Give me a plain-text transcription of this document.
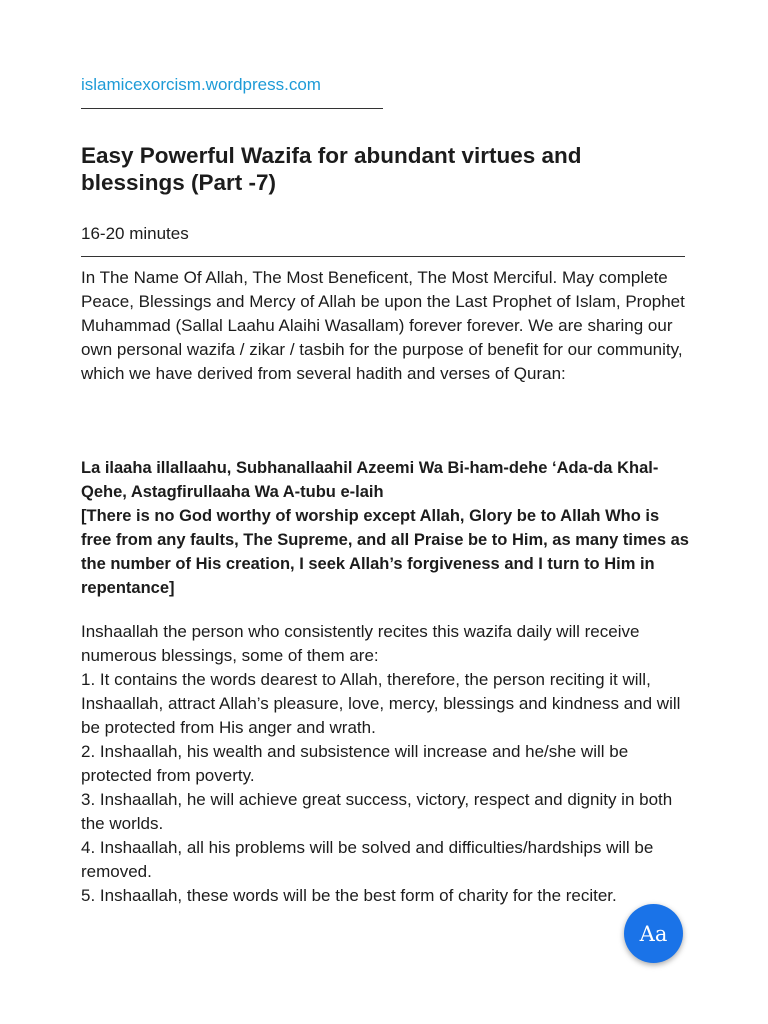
islamicexorcism.wordpress.com
Easy Powerful Wazifa for abundant virtues and blessings (Part -7)
16-20 minutes

In The Name Of Allah, The Most Beneficent, The Most Merciful. May complete Peace, Blessings and Mercy of Allah be upon the Last Prophet of Islam, Prophet Muhammad (Sallal Laahu Alaihi Wasallam) forever forever. We are sharing our own personal wazifa / zikar / tasbih for the purpose of benefit for our community, which we have derived from several hadith and verses of Quran:

La ilaaha illallaahu, Subhanallaahil Azeemi Wa Bi-ham-dehe ‘Ada-da Khal-Qehe, Astagfirullaaha Wa A-tubu e-laih
[There is no God worthy of worship except Allah, Glory be to Allah Who is free from any faults, The Supreme, and all Praise be to Him, as many times as the number of His creation, I seek Allah’s forgiveness and I turn to Him in repentance]

Inshaallah the person who consistently recites this wazifa daily will receive numerous blessings, some of them are:

1. It contains the words dearest to Allah, therefore, the person reciting it will, Inshaallah, attract Allah’s pleasure, love, mercy, blessings and kindness and will be protected from His anger and wrath.

2. Inshaallah, his wealth and subsistence will increase and he/she will be protected from poverty.

3. Inshaallah, he will achieve great success, victory, respect and dignity in both the worlds.

4. Inshaallah, all his problems will be solved and difficulties/hardships will be removed.

5. Inshaallah, these words will be the best form of charity for the reciter.

Aa
